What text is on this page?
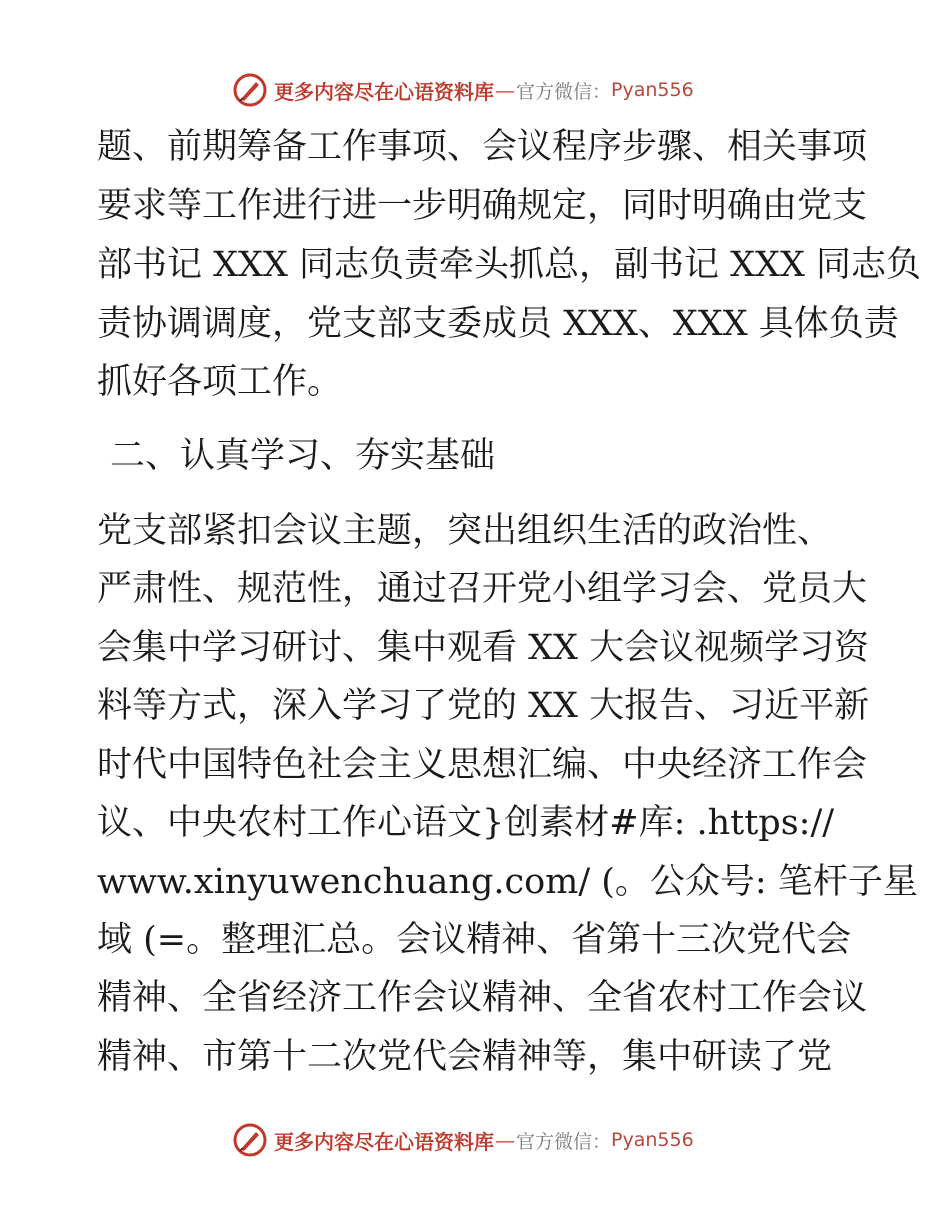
更多内容尽在心语资料库 — 官方微信： Pyan556
题、前期筹备工作事项、会议程序步骤、相关事项
要求等工作进行进一步明确规定，同时明确由党支
部书记 XXX 同志负责牵头抓总，副书记 XXX 同志负
责协调调度，党支部支委成员 XXX、XXX 具体负责
抓好各项工作。
二、认真学习、夯实基础
党支部紧扣会议主题，突出组织生活的政治性、
严肃性、规范性，通过召开党小组学习会、党员大
会集中学习研讨、集中观看 XX 大会议视频学习资
料等方式，深入学习了党的 XX 大报告、习近平新
时代中国特色社会主义思想汇编、中央经济工作会
议、中央农村工作心语文}创素材#库: .https://
www.xinyuwenchuang.com/ (。公众号: 笔杆子星
域 (=。整理汇总。会议精神、省第十三次党代会
精神、全省经济工作会议精神、全省农村工作会议
精神、市第十二次党代会精神等，集中研读了党
更多内容尽在心语资料库 — 官方微信： Pyan556
